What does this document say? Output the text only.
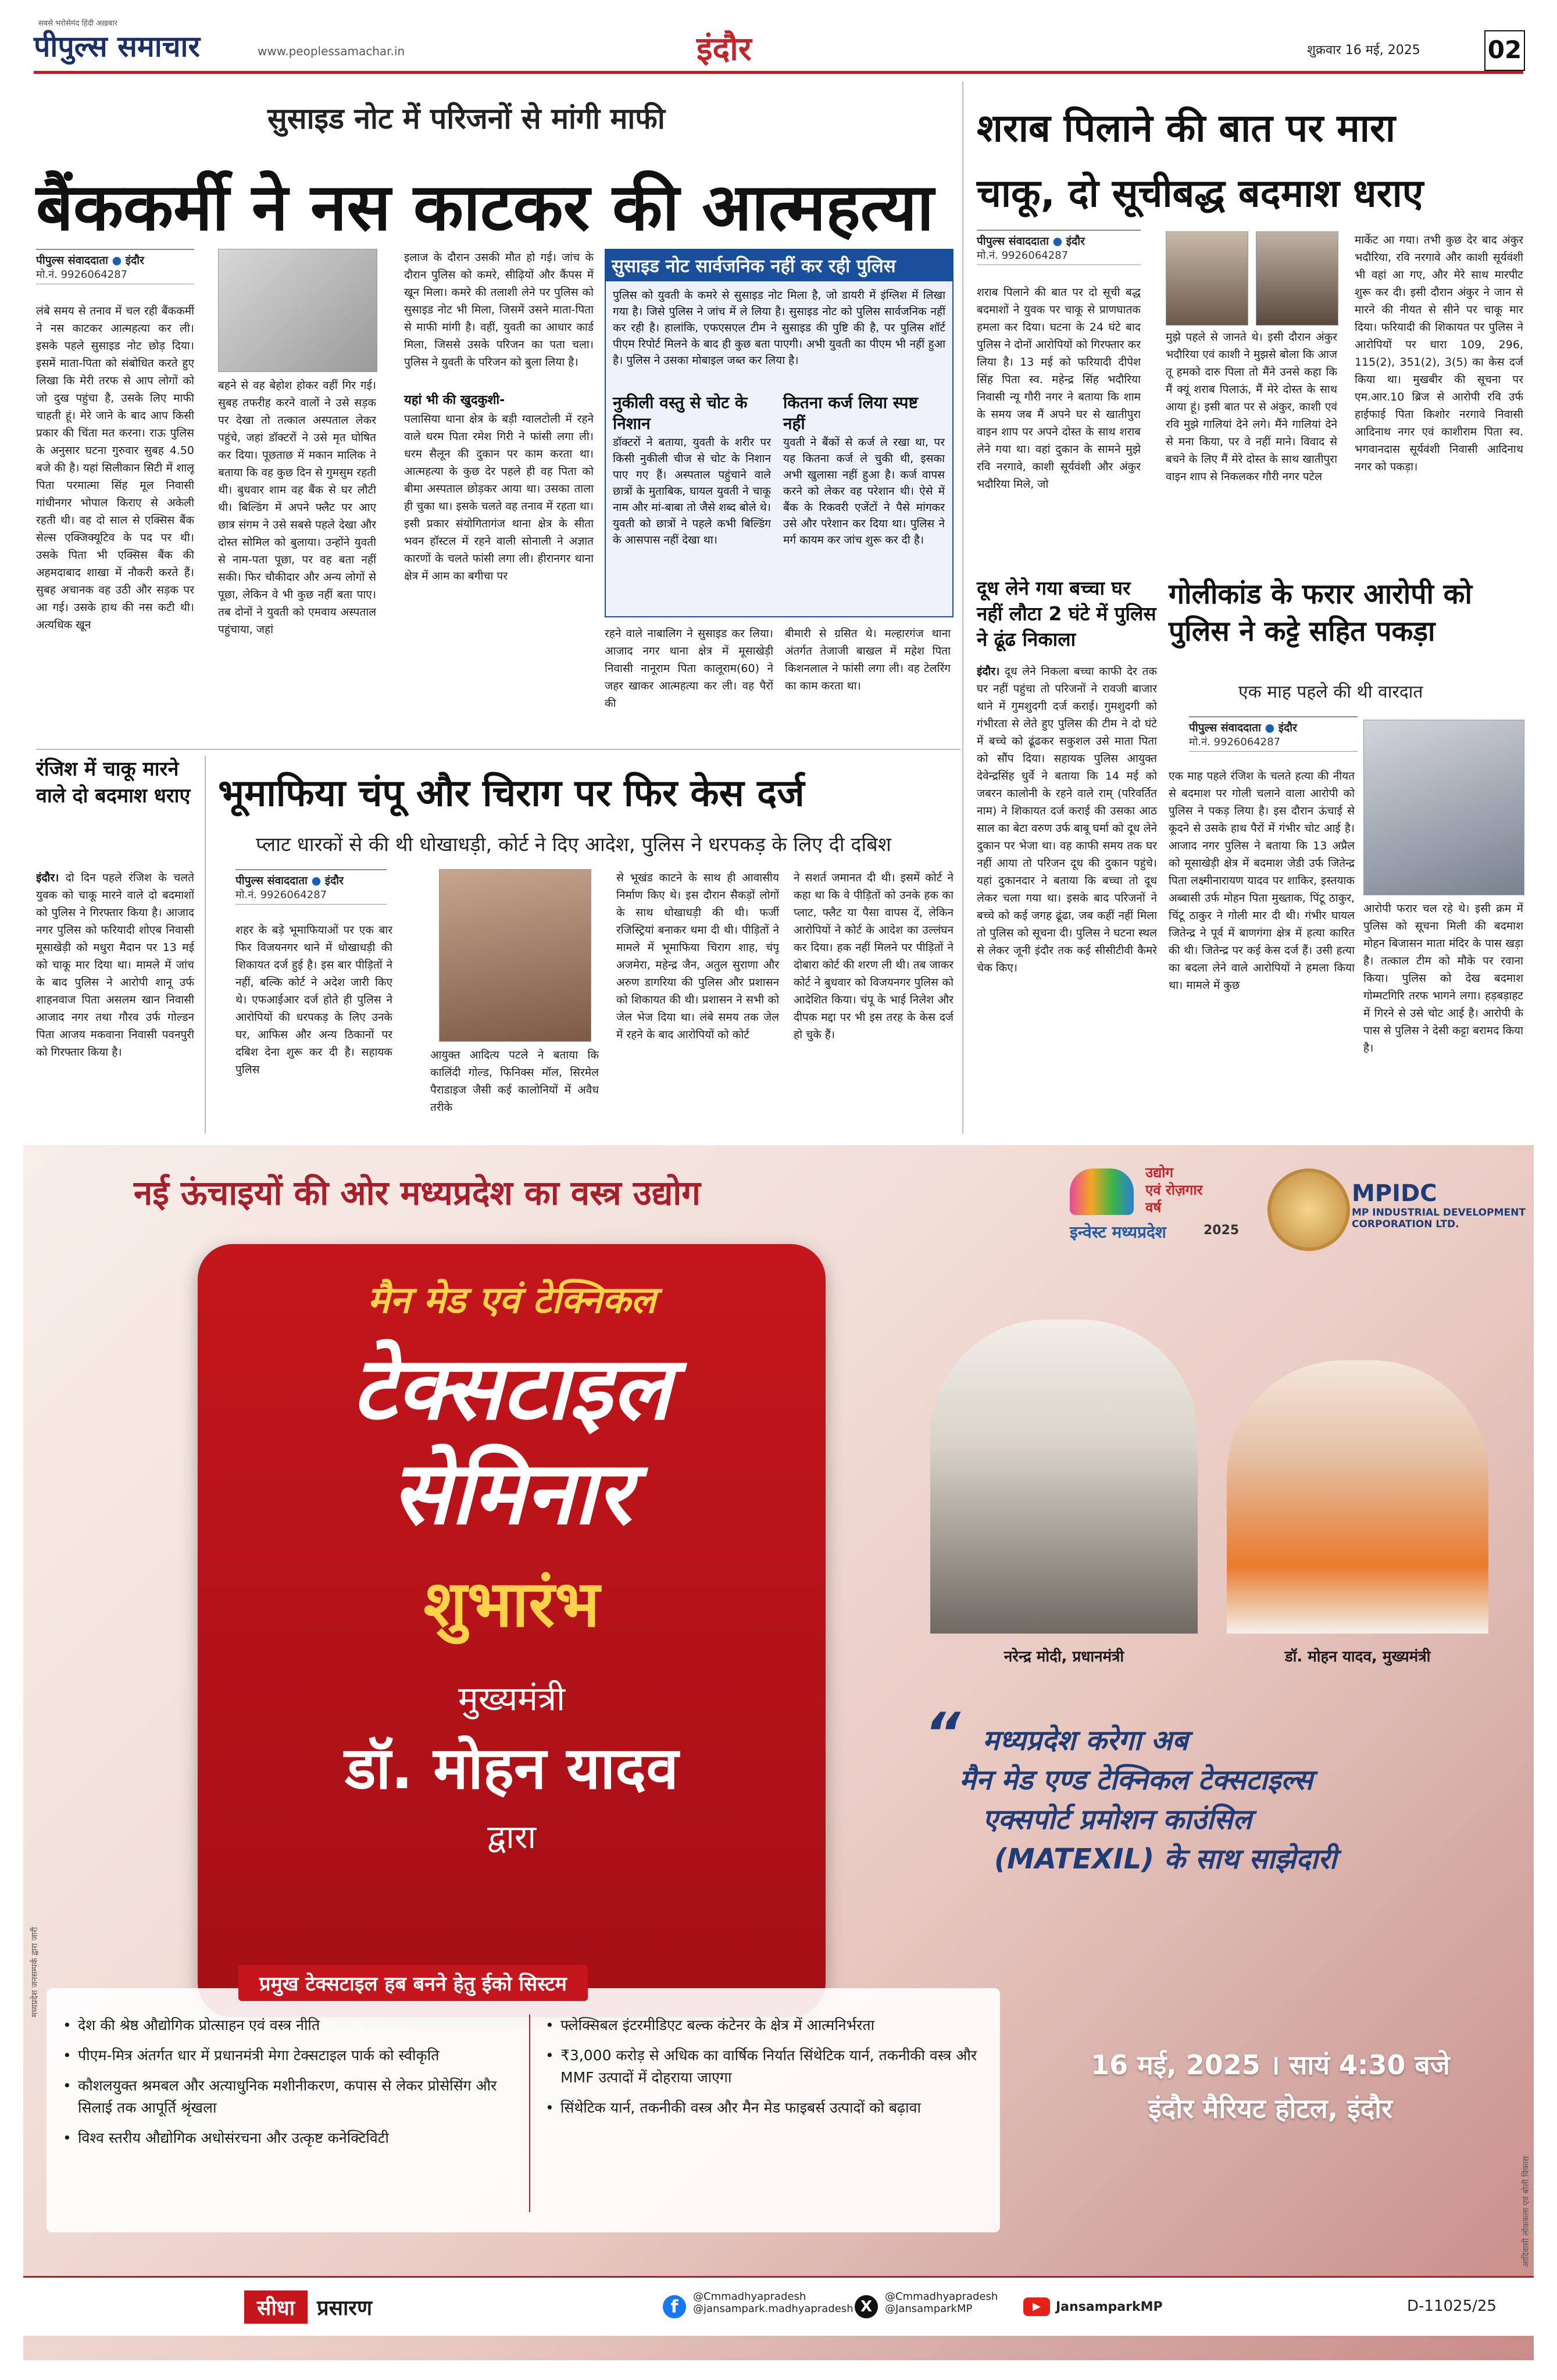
सबसे भरोसेमंद हिंदी अख़बार
पीपुल्स समाचार	www.peoplessamachar.in	इंदौर	शुक्रवार 16 मई, 2025	02
सुसाइड नोट में परिजनों से मांगी माफी
बैंककर्मी ने नस काटकर की आत्महत्या
पीपुल्स संवाददाता ● इंदौर
मो.नं. 9926064287
लंबे समय से तनाव में चल रही बैंककर्मी ने नस काटकर आत्महत्या कर ली। इसके पहले सुसाइड नोट छोड़ दिया। इसमें माता-पिता को संबोधित करते हुए लिखा कि मेरी तरफ से आप लोगों को जो दुख पहुंचा है, उसके लिए माफी चाहती हूं। मेरे जाने के बाद आप किसी प्रकार की चिंता मत करना। राऊ पुलिस के अनुसार घटना गुरुवार सुबह 4.50 बजे की है। यहां सिलीकान सिटी में शालू पिता परमात्मा सिंह मूल निवासी गांधीनगर भोपाल किराए से अकेली रहती थी। वह दो साल से एक्सिस बैंक सेल्स एक्जिक्यूटिव के पद पर थी। उसके पिता भी एक्सिस बैंक की अहमदाबाद शाखा में नौकरी करते हैं। सुबह अचानक वह उठी और सड़क पर आ गई। उसके हाथ की नस कटी थी। अत्यधिक खून
बहने से वह बेहोश होकर वहीं गिर गई। सुबह तफरीह करने वालों ने उसे सड़क पर देखा तो तत्काल अस्पताल लेकर पहुंचे, जहां डॉक्टरों ने उसे मृत घोषित कर दिया। पूछताछ में मकान मालिक ने बताया कि वह कुछ दिन से गुमसुम रहती थी। बुधवार शाम वह बैंक से घर लौटी थी। बिल्डिंग में अपने फ्लैट पर आए छात्र संगम ने उसे सबसे पहले देखा और दोस्त सोमिल को बुलाया। उन्होंने युवती से नाम-पता पूछा, पर वह बता नहीं सकी। फिर चौकीदार और अन्य लोगों से पूछा, लेकिन वे भी कुछ नहीं बता पाए। तब दोनों ने युवती को एमवाय अस्पताल पहुंचाया, जहां
इलाज के दौरान उसकी मौत हो गई। जांच के दौरान पुलिस को कमरे, सीढ़ियों और कैंपस में खून मिला। कमरे की तलाशी लेने पर पुलिस को सुसाइड नोट भी मिला, जिसमें उसने माता-पिता से माफी मांगी है। वहीं, युवती का आधार कार्ड मिला, जिससे उसके परिजन का पता चला। पुलिस ने युवती के परिजन को बुला लिया है।
यहां भी की खुदकुशी-
पलासिया थाना क्षेत्र के बड़ी ग्वालटोली में रहने वाले धरम पिता रमेश गिरी ने फांसी लगा ली। धरम सैलून की दुकान पर काम करता था। आत्महत्या के कुछ देर पहले ही वह पिता को बीमा अस्पताल छोड़कर आया था। उसका ताला ही चुका था। इसके चलते वह तनाव में रहता था। इसी प्रकार संयोगितागंज थाना क्षेत्र के सीता भवन हॉस्टल में रहने वाली सोनाली ने अज्ञात कारणों के चलते फांसी लगा ली। हीरानगर थाना क्षेत्र में आम का बगीचा पर
सुसाइड नोट सार्वजनिक नहीं कर रही पुलिस
पुलिस को युवती के कमरे से सुसाइड नोट मिला है, जो डायरी में इंग्लिश में लिखा गया है। जिसे पुलिस ने जांच में ले लिया है। सुसाइड नोट को पुलिस सार्वजनिक नहीं कर रही है। हालांकि, एफएसएल टीम ने सुसाइड की पुष्टि की है, पर पुलिस शॉर्ट पीएम रिपोर्ट मिलने के बाद ही कुछ बता पाएगी। अभी युवती का पीएम भी नहीं हुआ है। पुलिस ने उसका मोबाइल जब्त कर लिया है।
नुकीली वस्तु से चोट के निशान
डॉक्टरों ने बताया, युवती के शरीर पर किसी नुकीली चीज से चोट के निशान पाए गए हैं। अस्पताल पहुंचाने वाले छात्रों के मुताबिक, घायल युवती ने चाकू नाम और मां-बाबा तो जैसे शब्द बोले थे। युवती को छात्रों ने पहले कभी बिल्डिंग के आसपास नहीं देखा था।
कितना कर्ज लिया स्पष्ट नहीं
युवती ने बैंकों से कर्ज ले रखा था, पर यह कितना कर्ज ले चुकी थी, इसका अभी खुलासा नहीं हुआ है। कर्ज वापस करने को लेकर वह परेशान थी। ऐसे में बैंक के रिकवरी एजेंटों ने पैसे मांगकर उसे और परेशान कर दिया था। पुलिस ने मर्ग कायम कर जांच शुरू कर दी है।
रहने वाले नाबालिग ने सुसाइड कर लिया। आजाद नगर थाना क्षेत्र में मूसाखेड़ी निवासी नानूराम पिता कालूराम(60) ने जहर खाकर आत्महत्या कर ली। वह पैरों की
बीमारी से ग्रसित थे। मल्हारगंज थाना अंतर्गत तेजाजी बाखल में महेश पिता किशनलाल ने फांसी लगा ली। वह टेलरिंग का काम करता था।
शराब पिलाने की बात पर मारा
चाकू, दो सूचीबद्ध बदमाश धराए
पीपुल्स संवाददाता ● इंदौर
मो.नं. 9926064287
शराब पिलाने की बात पर दो सूची बद्ध बदमाशों ने युवक पर चाकू से प्राणघातक हमला कर दिया। घटना के 24 घंटे बाद पुलिस ने दोनों आरोपियों को गिरफ्तार कर लिया है। 13 मई को फरियादी दीपेश सिंह पिता स्व. महेन्द्र सिंह भदौरिया निवासी न्यू गौरी नगर ने बताया कि शाम के समय जब मैं अपने घर से खातीपुरा वाइन शाप पर अपने दोस्त के साथ शराब लेने गया था। वहां दुकान के सामने मुझे रवि नरगावे, काशी सूर्यवंशी और अंकुर भदौरिया मिले, जो
मुझे पहले से जानते थे। इसी दौरान अंकुर भदौरिया एवं काशी ने मुझसे बोला कि आज तू हमको दारु पिला तो मैंने उनसे कहा कि मैं क्यूं शराब पिलाऊं, मैं मेरे दोस्त के साथ आया हूं। इसी बात पर से अंकुर, काशी एवं रवि मुझे गालियां देने लगे। मैंने गालियां देने से मना किया, पर वे नहीं माने। विवाद से बचने के लिए मैं मेरे दोस्त के साथ खातीपुरा वाइन शाप से निकलकर गौरी नगर पटेल
मार्केट आ गया। तभी कुछ देर बाद अंकुर भदौरिया, रवि नरगावे और काशी सूर्यवंशी भी वहां आ गए, और मेरे साथ मारपीट शुरू कर दी। इसी दौरान अंकुर ने जान से मारने की नीयत से सीने पर चाकू मार दिया। फरियादी की शिकायत पर पुलिस ने आरोपियों पर धारा 109, 296, 115(2), 351(2), 3(5) का केस दर्ज किया था। मुखबीर की सूचना पर एम.आर.10 ब्रिज से आरोपी रवि उर्फ हाईफाई पिता किशोर नरगावे निवासी आदिनाथ नगर एवं काशीराम पिता स्व. भगवानदास सूर्यवंशी निवासी आदिनाथ नगर को पकड़ा।
दूध लेने गया बच्चा घर नहीं लौटा 2 घंटे में पुलिस ने ढूंढ निकाला
इंदौर। दूध लेने निकला बच्चा काफी देर तक घर नहीं पहुंचा तो परिजनों ने रावजी बाजार थाने में गुमशुदगी दर्ज कराई। गुमशुदगी को गंभीरता से लेते हुए पुलिस की टीम ने दो घंटे में बच्चे को ढूंढकर सकुशल उसे माता पिता को सौंप दिया। सहायक पुलिस आयुक्त देवेन्द्रसिंह धुर्वे ने बताया कि 14 मई को जबरन कालोनी के रहने वाले राम् (परिवर्तित नाम) ने शिकायत दर्ज कराई की उसका आठ साल का बेटा वरुण उर्फ बाबू घर्मा को दूध लेने दुकान पर भेजा था। वह काफी समय तक घर नहीं आया तो परिजन दूध की दुकान पहुंचे। यहां दुकानदार ने बताया कि बच्चा तो दूध लेकर चला गया था। इसके बाद परिजनों ने बच्चे को कई जगह ढूंढा, जब कहीं नहीं मिला तो पुलिस को सूचना दी। पुलिस ने घटना स्थल से लेकर जूनी इंदौर तक कई सीसीटीवी कैमरे चेक किए।
गोलीकांड के फरार आरोपी को पुलिस ने कट्टे सहित पकड़ा
एक माह पहले की थी वारदात
पीपुल्स संवाददाता ● इंदौर
मो.नं. 9926064287
एक माह पहले रंजिश के चलते हत्या की नीयत से बदमाश पर गोली चलाने वाला आरोपी को पुलिस ने पकड़ लिया है। इस दौरान ऊंचाई से कूदने से उसके हाथ पैरों में गंभीर चोट आई है। आजाद नगर पुलिस ने बताया कि 13 अप्रैल को मूसाखेड़ी क्षेत्र में बदमाश जेडी उर्फ जितेन्द्र पिता लक्ष्मीनारायण यादव पर शाकिर, इस्तयाक अब्बासी उर्फ मोहन पिता मुख्ताक, पिंटू ठाकुर, चिंटू ठाकुर ने गोली मार दी थी। गंभीर घायल जितेन्द्र ने पूर्व में बाणगंगा क्षेत्र में हत्या कारित की थी। जितेन्द्र पर कई केस दर्ज हैं। उसी हत्या का बदला लेने वाले आरोपियों ने हमला किया था। मामले में कुछ
आरोपी फरार चल रहे थे। इसी क्रम में पुलिस को सूचना मिली की बदमाश मोहन बिजासन माता मंदिर के पास खड़ा है। तत्काल टीम को मौके पर रवाना किया। पुलिस को देख बदमाश गोम्मटगिरि तरफ भागने लगा। हड़बड़ाहट में गिरने से उसे चोट आई है। आरोपी के पास से पुलिस ने देसी कट्टा बरामद किया है।
रंजिश में चाकू मारने वाले दो बदमाश धराए
इंदौर। दो दिन पहले रंजिश के चलते युवक को चाकू मारने वाले दो बदमाशों को पुलिस ने गिरफ्तार किया है। आजाद नगर पुलिस को फरियादी शोएब निवासी मूसाखेड़ी को मधुरा मैदान पर 13 मई को चाकू मार दिया था। मामले में जांच के बाद पुलिस ने आरोपी शानू उर्फ शाहनवाज पिता असलम खान निवासी आजाद नगर तथा गौरव उर्फ गोल्डन पिता आजय मकवाना निवासी पवनपुरी को गिरफ्तार किया है।
भूमाफिया चंपू और चिराग पर फिर केस दर्ज
प्लाट धारकों से की थी धोखाधड़ी, कोर्ट ने दिए आदेश, पुलिस ने धरपकड़ के लिए दी दबिश
पीपुल्स संवाददाता ● इंदौर
मो.नं. 9926064287
शहर के बड़े भूमाफियाओं पर एक बार फिर विजयनगर थाने में धोखाधड़ी की शिकायत दर्ज हुई है। इस बार पीड़ितों ने नहीं, बल्कि कोर्ट ने अदेश जारी किए थे। एफआईआर दर्ज होते ही पुलिस ने आरोपियों की धरपकड़ के लिए उनके घर, आफिस और अन्य ठिकानों पर दबिश देना शुरू कर दी है। सहायक पुलिस
आयुक्त आदित्य पटले ने बताया कि कालिंदी गोल्ड, फिनिक्स मॉल, सिरमेल पैराडाइज जैसी कई कालोनियों में अवैध तरीके
से भूखंड काटने के साथ ही आवासीय निर्माण किए थे। इस दौरान सैकड़ों लोगों के साथ धोखाधड़ी की थी। फर्जी रजिस्ट्रियां बनाकर थमा दी थी। पीड़ितों ने मामले में भूमाफिया चिराग शाह, चंपू अजमेरा, महेन्द्र जैन, अतुल सुराणा और अरुण डागरिया की पुलिस और प्रशासन को शिकायत की थी। प्रशासन ने सभी को जेल भेज दिया था। लंबे समय तक जेल में रहने के बाद आरोपियों को कोर्ट
ने सशर्त जमानत दी थी। इसमें कोर्ट ने कहा था कि वे पीड़ितों को उनके हक का प्लाट, फ्लैट या पैसा वापस दें, लेकिन आरोपियों ने कोर्ट के आदेश का उल्लंघन कर दिया। हक नहीं मिलने पर पीड़ितों ने दोबारा कोर्ट की शरण ली थी। तब जाकर कोर्ट ने बुधवार को विजयनगर पुलिस को आदेशित किया। चंपू के भाई निलेश और दीपक मद्दा पर भी इस तरह के केस दर्ज हो चुके हैं।
नई ऊंचाइयों की ओर मध्यप्रदेश का वस्त्र उद्योग
उद्योग
एवं रोज़गार
वर्ष
इन्वेस्ट मध्यप्रदेश	2025
MPIDC
MP INDUSTRIAL DEVELOPMENT
CORPORATION LTD.
मैन मेड एवं टेक्निकल
टेक्सटाइल
सेमिनार
शुभारंभ
मुख्यमंत्री
डॉ. मोहन यादव
द्वारा
नरेन्द्र मोदी, प्रधानमंत्री	डॉ. मोहन यादव, मुख्यमंत्री
“ मध्यप्रदेश करेगा अब
मैन मेड एण्ड टेक्निकल टेक्सटाइल्स
एक्सपोर्ट प्रमोशन काउंसिल
(MATEXIL) के साथ साझेदारी
प्रमुख टेक्सटाइल हब बनने हेतु ईको सिस्टम
• देश की श्रेष्ठ औद्योगिक प्रोत्साहन एवं वस्त्र नीति
• पीएम-मित्र अंतर्गत धार में प्रधानमंत्री मेगा टेक्सटाइल पार्क को स्वीकृति
• कौशलयुक्त श्रमबल और अत्याधुनिक मशीनीकरण, कपास से लेकर प्रोसेसिंग और सिलाई तक आपूर्ति श्रृंखला
• विश्व स्तरीय औद्योगिक अधोसंरचना और उत्कृष्ट कनेक्टिविटी
• फ्लेक्सिबल इंटरमीडिएट बल्क कंटेनर के क्षेत्र में आत्मनिर्भरता
• ₹3,000 करोड़ से अधिक का वार्षिक निर्यात सिंथेटिक यार्न, तकनीकी वस्त्र और MMF उत्पादों में दोहराया जाएगा
• सिंथेटिक यार्न, तकनीकी वस्त्र और मैन मेड फाइबर्स उत्पादों को बढ़ावा
16 मई, 2025 । सायं 4:30 बजे
इंदौर मैरियट होटल, इंदौर
सीधा	प्रसारण	f
@Cmmadhyapradesh
@jansampark.madhyapradesh X
@Cmmadhyapradesh
@JansamparkMP	▶	JansamparkMP	D-11025/25
मध्यप्रदेश जनसम्पर्क द्वारा जारी
आदिवासी लोककला एवं बोली विकास
